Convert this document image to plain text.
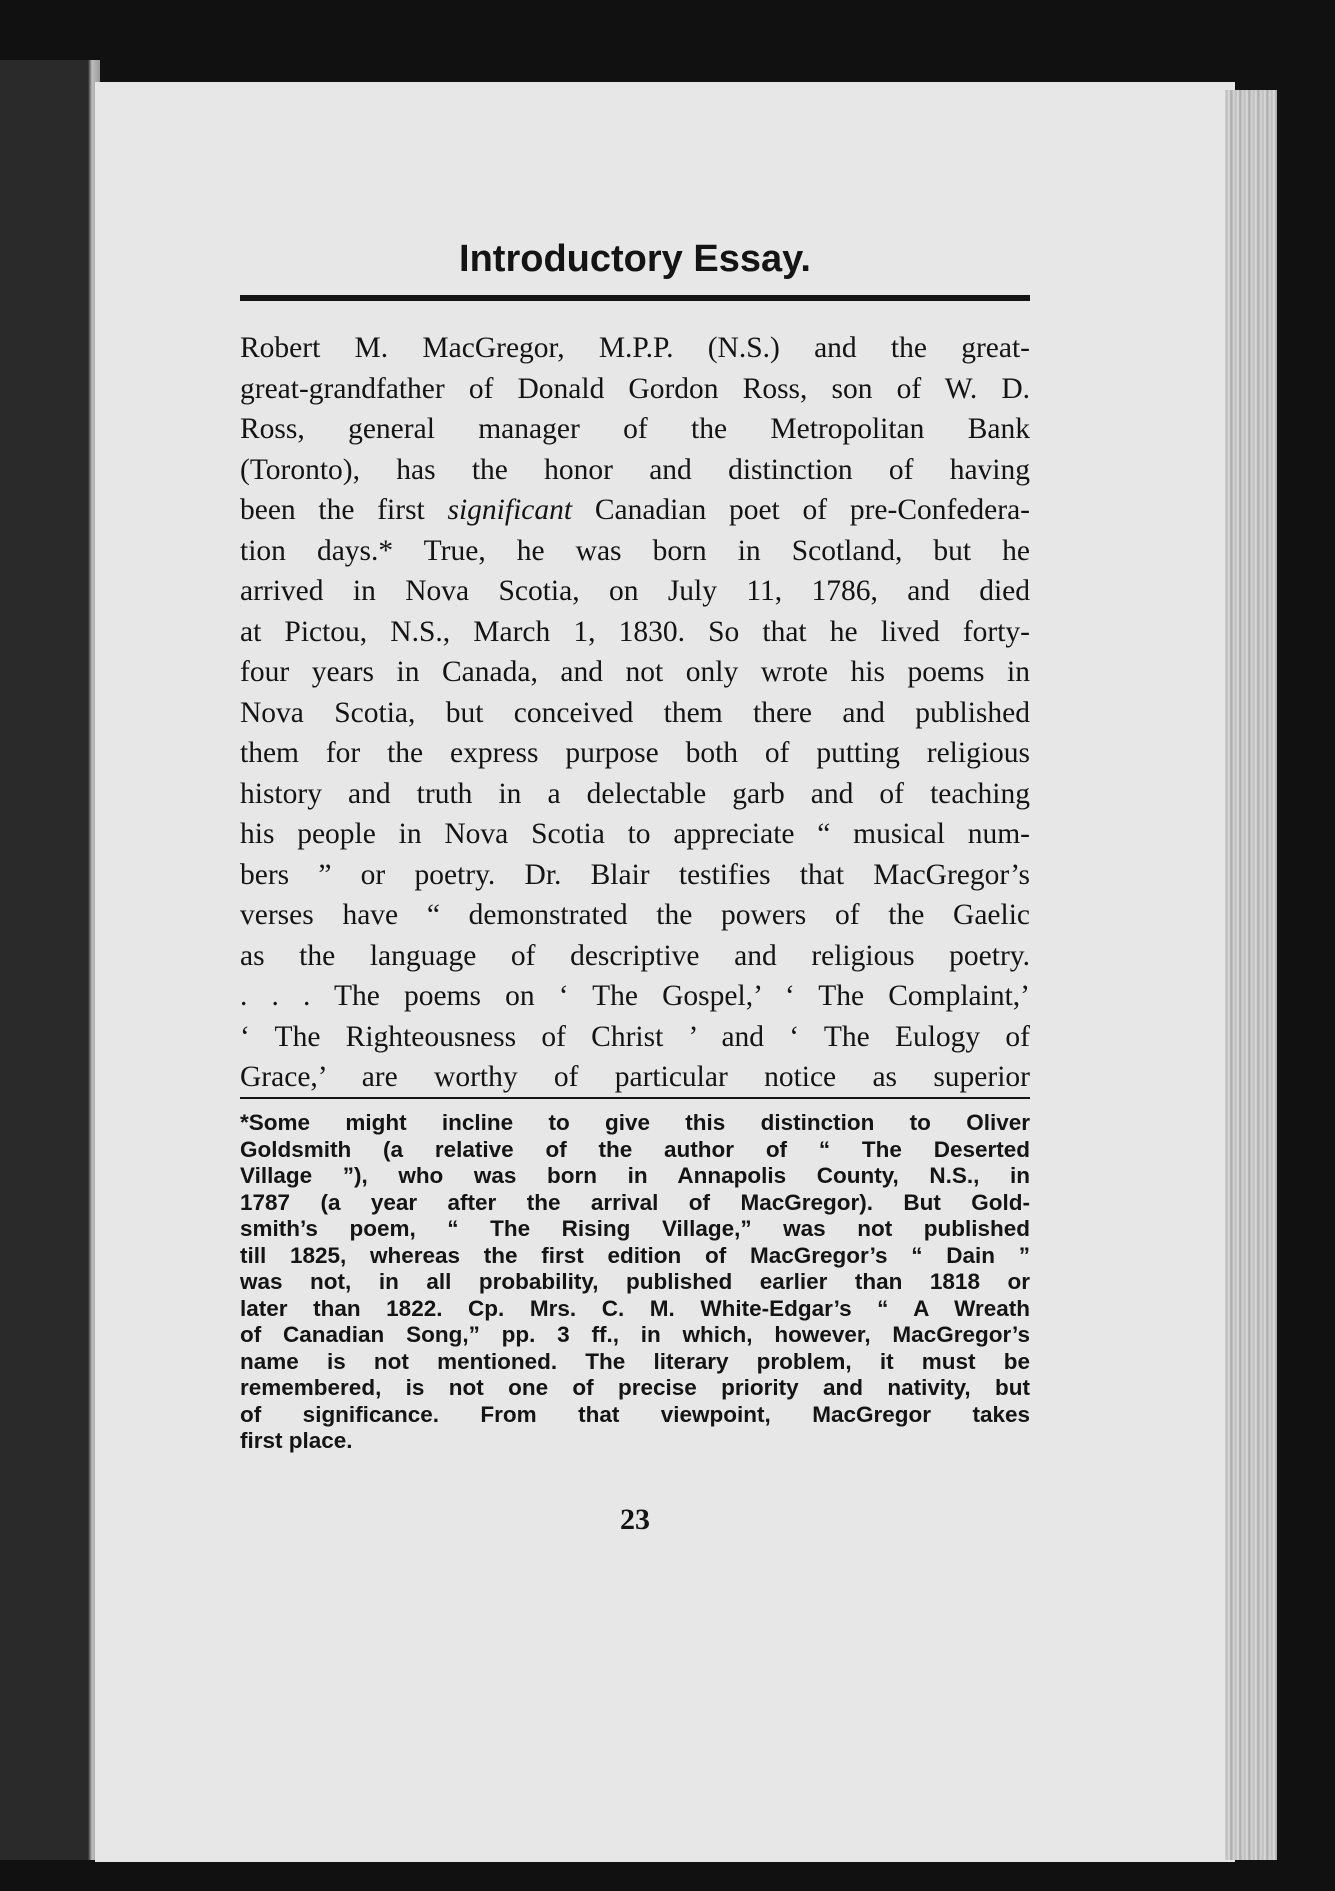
Introductory Essay.
Robert M. MacGregor, M.P.P. (N.S.) and the great-
great-grandfather of Donald Gordon Ross, son of W. D.
Ross, general manager of the Metropolitan Bank
(Toronto), has the honor and distinction of having
been the first significant Canadian poet of pre-Confedera-
tion days.* True, he was born in Scotland, but he
arrived in Nova Scotia, on July 11, 1786, and died
at Pictou, N.S., March 1, 1830. So that he lived forty-
four years in Canada, and not only wrote his poems in
Nova Scotia, but conceived them there and published
them for the express purpose both of putting religious
history and truth in a delectable garb and of teaching
his people in Nova Scotia to appreciate “ musical num-
bers ” or poetry. Dr. Blair testifies that MacGregor’s
verses have “ demonstrated the powers of the Gaelic
as the language of descriptive and religious poetry.
. . . The poems on ‘ The Gospel,’ ‘ The Complaint,’
‘ The Righteousness of Christ ’ and ‘ The Eulogy of
Grace,’ are worthy of particular notice as superior
*Some might incline to give this distinction to Oliver
Goldsmith (a relative of the author of “ The Deserted
Village ”), who was born in Annapolis County, N.S., in
1787 (a year after the arrival of MacGregor). But Gold-
smith’s poem, “ The Rising Village,” was not published
till 1825, whereas the first edition of MacGregor’s “ Dain ”
was not, in all probability, published earlier than 1818 or
later than 1822. Cp. Mrs. C. M. White-Edgar’s “ A Wreath
of Canadian Song,” pp. 3 ff., in which, however, MacGregor’s
name is not mentioned. The literary problem, it must be
remembered, is not one of precise priority and nativity, but
of significance. From that viewpoint, MacGregor takes
first place.
23
